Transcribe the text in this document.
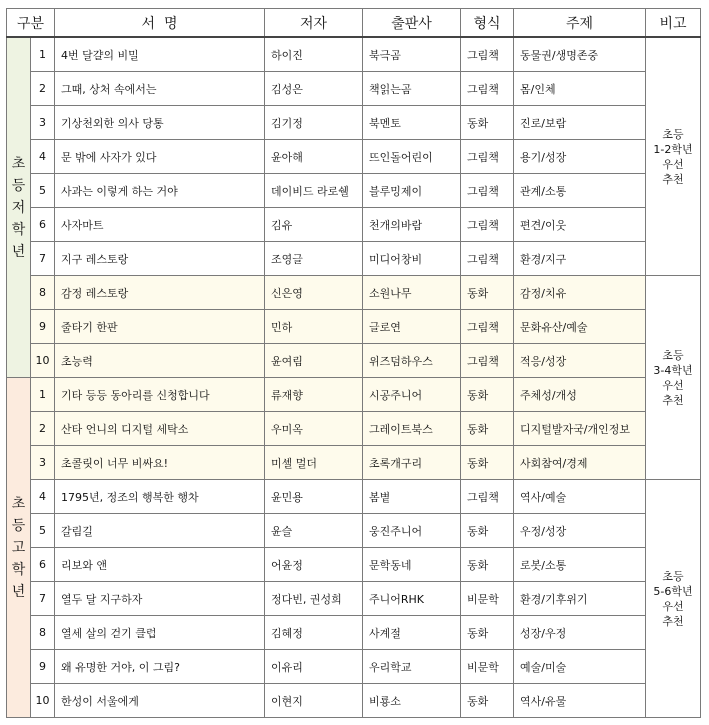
구분		서  명	저자	출판사	형식	주제	비고

초
등
저
학
년	1	4번 달걀의 비밀	하이진	북극곰	그림책	동물권/생명존중	초등
1-2학년
우선
추천

	2	그때, 상처 속에서는	김성은	책읽는곰	그림책	몸/인체	
	3	기상천외한 의사 당통	김기정	북멘토	동화	진로/보람	
	4	문 밖에 사자가 있다	윤아해	뜨인돌어린이	그림책	용기/성장	
	5	사과는 이렇게 하는 거야	데이비드 라로쉘	블루밍제이	그림책	관계/소통	
	6	사자마트	김유	천개의바람	그림책	편견/이웃	
	7	지구 레스토랑	조영글	미디어창비	그림책	환경/지구	
	8	감정 레스토랑	신은영	소원나무	동화	감정/치유	초등
3-4학년
우선
추천

	9	줄타기 한판	민하	글로연	그림책	문화유산/예술	
	10	초능력	윤여림	위즈덤하우스	그림책	적응/성장	

초
등
고
학
년	1	기타 등등 동아리를 신청합니다	류재향	시공주니어	동화	주체성/개성	
	2	산타 언니의 디지털 세탁소	우미옥	그레이트북스	동화	디지털발자국/개인정보	
	3	초콜릿이 너무 비싸요!	미셸 멀더	초록개구리	동화	사회참여/경제	
	4	1795년, 정조의 행복한 행차	윤민용	봄볕	그림책	역사/예술	초등
5-6학년
우선
추천

	5	갈림길	윤슬	웅진주니어	동화	우정/성장	
	6	리보와 앤	어윤정	문학동네	동화	로봇/소통	
	7	열두 달 지구하자	정다빈, 권성희	주니어RHK	비문학	환경/기후위기	
	8	열세 살의 걷기 클럽	김혜정	사계절	동화	성장/우정	
	9	왜 유명한 거야, 이 그림?	이유리	우리학교	비문학	예술/미술	
	10	한성이 서울에게	이현지	비룡소	동화	역사/유물	
